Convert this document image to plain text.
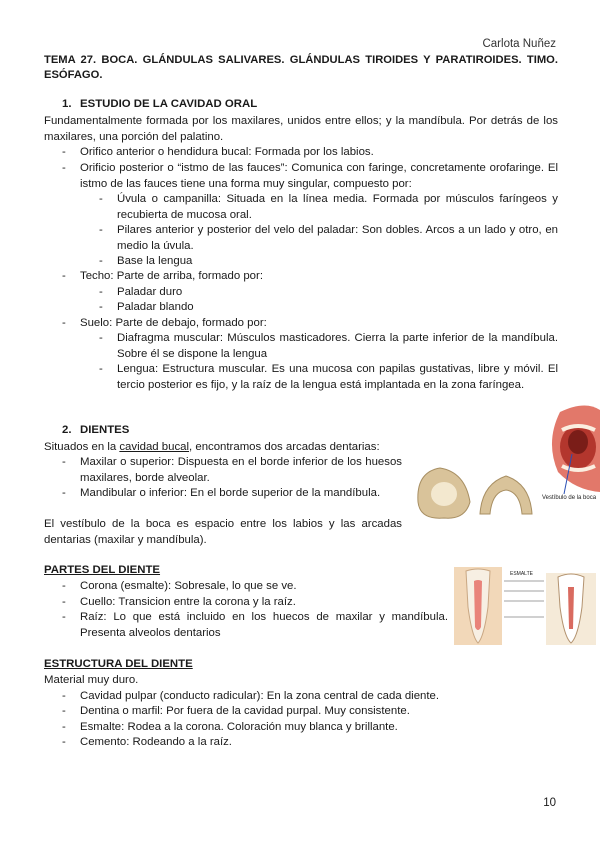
Carlota Nuñez
TEMA 27. BOCA. GLÁNDULAS SALIVARES. GLÁNDULAS TIROIDES Y PARATIROIDES. TIMO. ESÓFAGO.
1. ESTUDIO DE LA CAVIDAD ORAL
Fundamentalmente formada por los maxilares, unidos entre ellos; y la mandíbula. Por detrás de los maxilares, una porción del palatino.
- Orifico anterior o hendidura bucal: Formada por los labios.
- Orificio posterior o “istmo de las fauces”: Comunica con faringe, concretamente orofaringe. El istmo de las fauces tiene una forma muy singular, compuesto por:
- Úvula o campanilla: Situada en la línea media. Formada por músculos faríngeos y recubierta de mucosa oral.
- Pilares anterior y posterior del velo del paladar: Son dobles. Arcos a un lado y otro, en medio la úvula.
- Base la lengua
- Techo: Parte de arriba, formado por:
- Paladar duro
- Paladar blando
- Suelo: Parte de debajo, formado por:
- Diafragma muscular: Músculos masticadores. Cierra la parte inferior de la mandíbula. Sobre él se dispone la lengua
- Lengua: Estructura muscular. Es una mucosa con papilas gustativas, libre y móvil. El tercio posterior es fijo, y la raíz de la lengua está implantada en la zona faríngea.
2. DIENTES
Situados en la cavidad bucal, encontramos dos arcadas dentarias:
- Maxilar o superior: Dispuesta en el borde inferior de los huesos maxilares, borde alveolar.
- Mandibular o inferior: En el borde superior de la mandíbula.
El vestíbulo de la boca es espacio entre los labios y las arcadas dentarias (maxilar y mandíbula).
Vestíbulo de la boca
PARTES DEL DIENTE
- Corona (esmalte): Sobresale, lo que se ve.
- Cuello: Transicion entre la corona y la raíz.
- Raíz: Lo que está incluido en los huecos de maxilar y mandíbula. Presenta alveolos dentarios
ESMALTE
ESTRUCTURA DEL DIENTE
Material muy duro.
- Cavidad pulpar (conducto radicular): En la zona central de cada diente.
- Dentina o marfil: Por fuera de la cavidad purpal. Muy consistente.
- Esmalte: Rodea a la corona. Coloración muy blanca y brillante.
- Cemento: Rodeando a la raíz.
10
